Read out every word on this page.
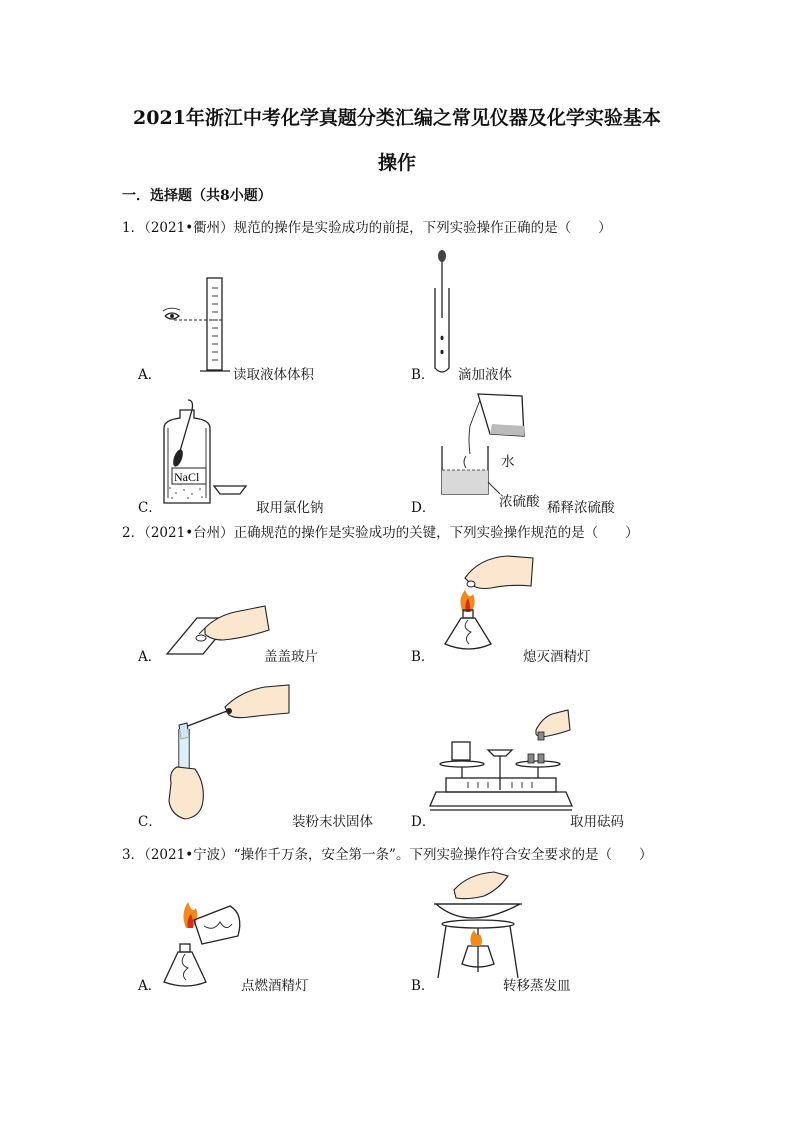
2021年浙江中考化学真题分类汇编之常见仪器及化学实验基本
操作
一．选择题（共8小题）
1．（2021•衢州）规范的操作是实验成功的前提，下列实验操作正确的是（　　）
A．	读取液体体积	B． 滴加液体
C．
NaCl
取用氯化钠	D．
水
浓硫酸 稀释浓硫酸
2．（2021•台州）正确规范的操作是实验成功的关键，下列实验操作规范的是（　　）
A．	盖盖玻片	B．	熄灭酒精灯
C．	装粉末状固体	D．	取用砝码
3．（2021•宁波）“操作千万条，安全第一条”。下列实验操作符合安全要求的是（　　）
A．	点燃酒精灯	B．	转移蒸发皿
